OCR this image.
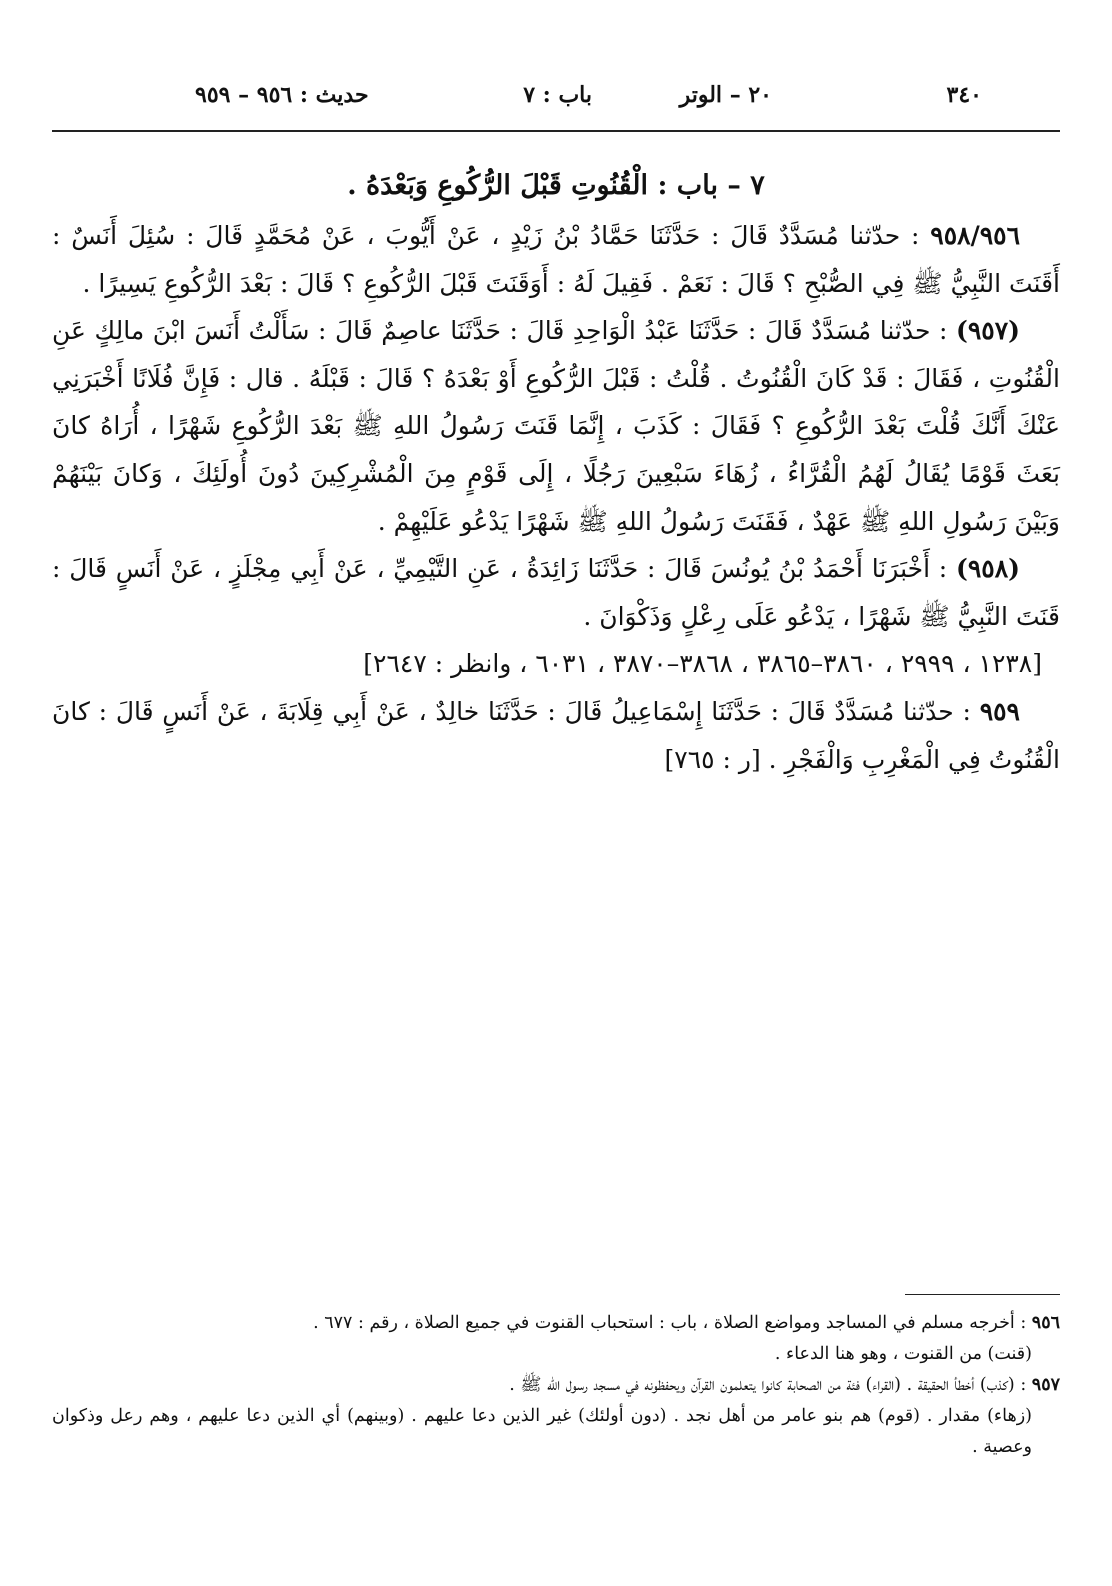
٣٤٠
٢٠ – الوتر
باب : ٧
حديث : ٩٥٦ – ٩٥٩

٧ – باب : الْقُنُوتِ قَبْلَ الرُّكُوعِ وَبَعْدَهُ .

٩٥٨/٩٥٦ : حدّثنا مُسَدَّدٌ قَالَ : حَدَّثَنَا حَمَّادُ بْنُ زَيْدٍ ، عَنْ أَيُّوبَ ، عَنْ مُحَمَّدٍ قَالَ : سُئِلَ أَنَسٌ : أَقَنَتَ النَّبِيُّ ﷺ فِي الصُّبْحِ ؟ قَالَ : نَعَمْ . فَقِيلَ لَهُ : أَوَقَنَتَ قَبْلَ الرُّكُوعِ ؟ قَالَ : بَعْدَ الرُّكُوعِ يَسِيرًا .

(٩٥٧) : حدّثنا مُسَدَّدٌ قَالَ : حَدَّثَنَا عَبْدُ الْوَاحِدِ قَالَ : حَدَّثَنَا عاصِمٌ قَالَ : سَأَلْتُ أَنَسَ ابْنَ مالِكٍ عَنِ الْقُنُوتِ ، فَقَالَ : قَدْ كَانَ الْقُنُوتُ . قُلْتُ : قَبْلَ الرُّكُوعِ أَوْ بَعْدَهُ ؟ قَالَ : قَبْلَهُ . قال : فَإِنَّ فُلَانًا أَخْبَرَنِي عَنْكَ أَنَّكَ قُلْتَ بَعْدَ الرُّكُوعِ ؟ فَقَالَ : كَذَبَ ، إِنَّمَا قَنَتَ رَسُولُ اللهِ ﷺ بَعْدَ الرُّكُوعِ شَهْرًا ، أُرَاهُ كانَ بَعَثَ قَوْمًا يُقَالُ لَهُمُ الْقُرَّاءُ ، زُهَاءَ سَبْعِينَ رَجُلًا ، إِلَى قَوْمٍ مِنَ الْمُشْرِكِينَ دُونَ أُولَئِكَ ، وَكانَ بَيْنَهُمْ وَبَيْنَ رَسُولِ اللهِ ﷺ عَهْدٌ ، فَقَنَتَ رَسُولُ اللهِ ﷺ شَهْرًا يَدْعُو عَلَيْهِمْ .

(٩٥٨) : أَخْبَرَنَا أَحْمَدُ بْنُ يُونُسَ قَالَ : حَدَّثَنَا زَائِدَةُ ، عَنِ التَّيْمِيِّ ، عَنْ أَبِي مِجْلَزٍ ، عَنْ أَنَسٍ قَالَ : قَنَتَ النَّبِيُّ ﷺ شَهْرًا ، يَدْعُو عَلَى رِعْلٍ وَذَكْوَانَ .

[١٢٣٨ ، ٢٩٩٩ ، ٣٨٦٠–٣٨٦٥ ، ٣٨٦٨–٣٨٧٠ ، ٦٠٣١ ، وانظر : ٢٦٤٧]

٩٥٩ : حدّثنا مُسَدَّدٌ قَالَ : حَدَّثَنَا إِسْمَاعِيلُ قَالَ : حَدَّثَنَا خالِدٌ ، عَنْ أَبِي قِلَابَةَ ، عَنْ أَنَسٍ قَالَ : كانَ الْقُنُوتُ فِي الْمَغْرِبِ وَالْفَجْرِ . [ر : ٧٦٥]

٩٥٦ : أخرجه مسلم في المساجد ومواضع الصلاة ، باب : استحباب القنوت في جميع الصلاة ، رقم : ٦٧٧ .

(قنت) من القنوت ، وهو هنا الدعاء .

٩٥٧ : (كذب) أخطأ الحقيقة . (القراء) فئة من الصحابة كانوا يتعلمون القرآن ويحفظونه في مسجد رسول الله ﷺ .

(زهاء) مقدار . (قوم) هم بنو عامر من أهل نجد . (دون أولئك) غير الذين دعا عليهم . (وبينهم) أي الذين دعا عليهم ، وهم رعل وذكوان وعصية .
